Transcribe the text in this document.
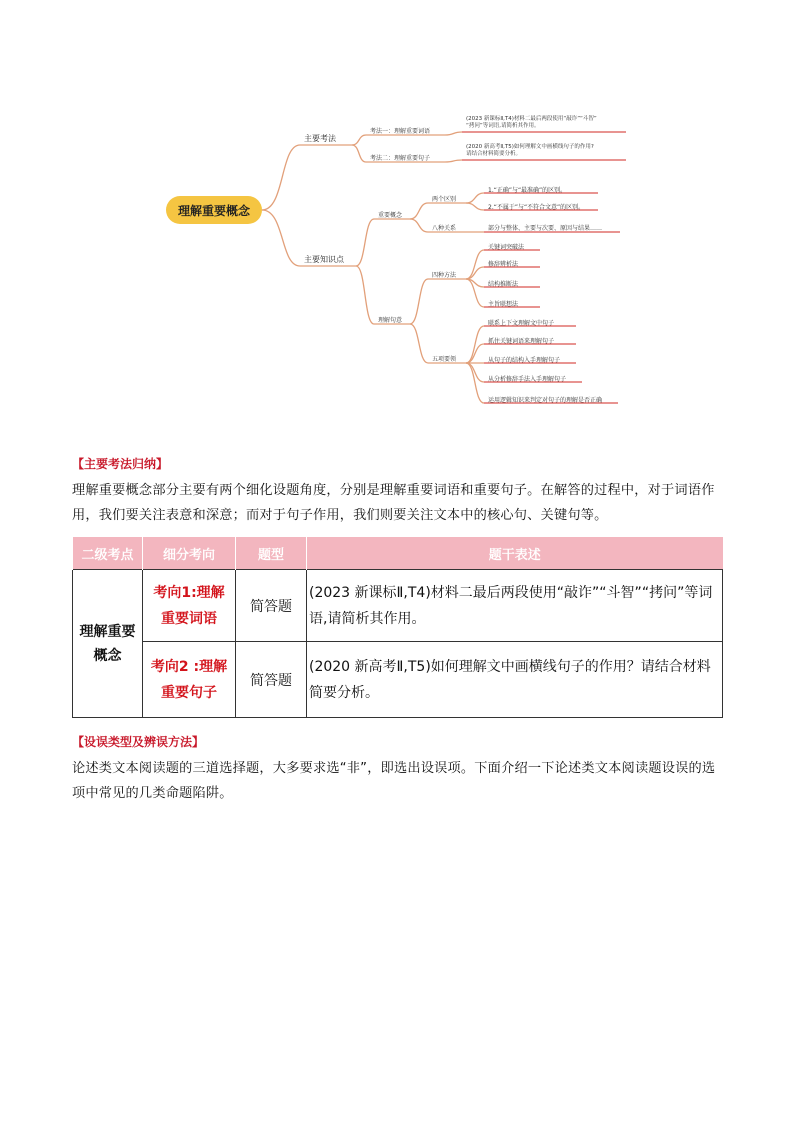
理解重要概念
主要考法
考法一：理解重要词语
考法二：理解重要句子
(2023 新课标Ⅱ,T4)材料二最后两段使用“敲诈”“斗智”
“拷问”等词语,请简析其作用。
(2020 新高考Ⅱ,T5)如何理解文中画横线句子的作用?
请结合材料简要分析。
主要知识点
重要概念
两个区别
1.“正确”与“最准确”的区别。
2.“不属于”与“不符合文意”的区别。
八种关系	部分与整体、主要与次要、原因与结果……
理解句意
四种方法
关键词突破法
修辞辨析法
结构推断法
主旨联想法
五项要领
联系上下文理解文中句子
抓住关键词语来理解句子
从句子的结构入手理解句子
从分析修辞手法入手理解句子
运用逻辑知识来判定对句子的理解是否正确
【主要考法归纳】
理解重要概念部分主要有两个细化设题角度，分别是理解重要词语和重要句子。在解答的过程中，对于词语作用，我们要关注表意和深意；而对于句子作用，我们则要关注文本中的核心句、关键句等。
二级考点	细分考向	题型	题干表述
理解重要概念	考向1:理解重要词语	简答题	(2023 新课标Ⅱ,T4)材料二最后两段使用“敲诈”“斗智”“拷问”等词语,请简析其作用。
	考向2 :理解重要句子	简答题	(2020 新高考Ⅱ,T5)如何理解文中画横线句子的作用？请结合材料简要分析。
【设误类型及辨误方法】
论述类文本阅读题的三道选择题，大多要求选“非”，即选出设误项。下面介绍一下论述类文本阅读题设误的选项中常见的几类命题陷阱。
